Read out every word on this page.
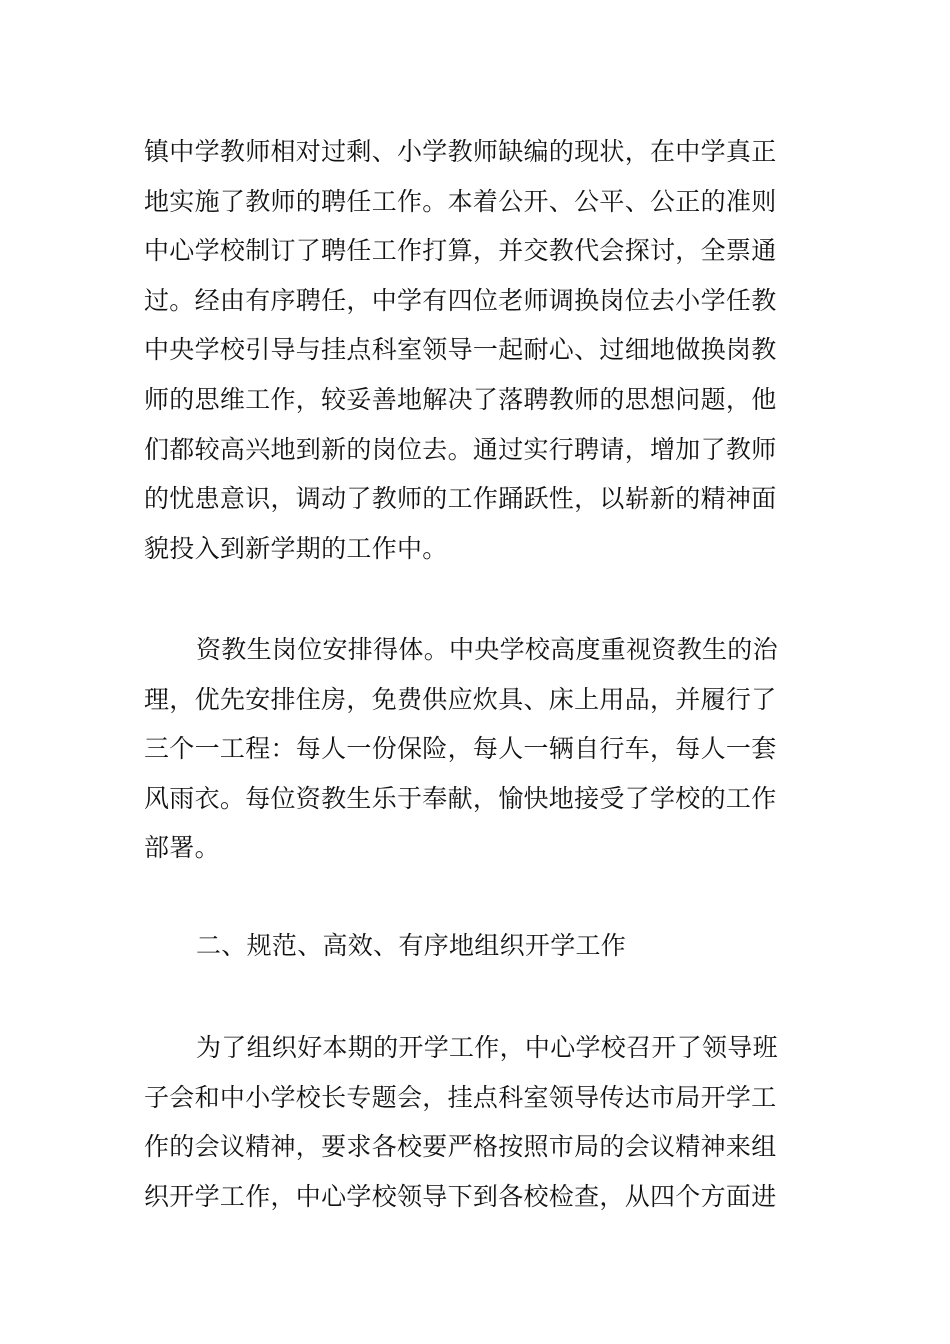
镇中学教师相对过剩、小学教师缺编的现状，在中学真正
地实施了教师的聘任工作。本着公开、公平、公正的准则
中心学校制订了聘任工作打算，并交教代会探讨，全票通
过。经由有序聘任，中学有四位老师调换岗位去小学任教
中央学校引导与挂点科室领导一起耐心、过细地做换岗教
师的思维工作，较妥善地解决了落聘教师的思想问题，他
们都较高兴地到新的岗位去。通过实行聘请，增加了教师
的忧患意识，调动了教师的工作踊跃性，以崭新的精神面
貌投入到新学期的工作中。
资教生岗位安排得体。中央学校高度重视资教生的治
理，优先安排住房，免费供应炊具、床上用品，并履行了
三个一工程：每人一份保险，每人一辆自行车，每人一套
风雨衣。每位资教生乐于奉献，愉快地接受了学校的工作
部署。
二、规范、高效、有序地组织开学工作
为了组织好本期的开学工作，中心学校召开了领导班
子会和中小学校长专题会，挂点科室领导传达市局开学工
作的会议精神，要求各校要严格按照市局的会议精神来组
织开学工作，中心学校领导下到各校检查，从四个方面进
